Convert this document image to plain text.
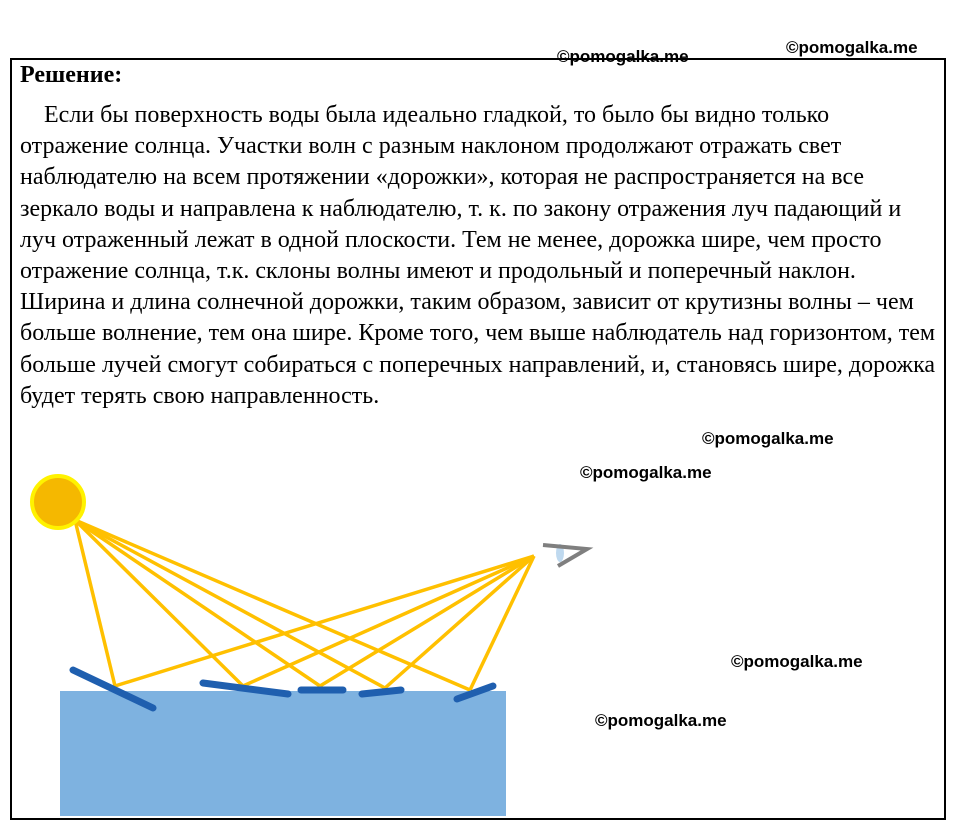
©pomogalka.me
©pomogalka.me
Решение:

Если бы поверхность воды была идеально гладкой, то было бы видно только отражение солнца. Участки волн с разным наклоном продолжают отражать свет наблюдателю на всем протяжении «дорожки», которая не распространяется на все зеркало воды и направлена к наблюдателю, т. к. по закону отражения луч падающий и луч отраженный лежат в одной плоскости. Тем не менее, дорожка шире, чем просто отражение солнца, т.к. склоны волны имеют и продольный и поперечный наклон. Ширина и длина солнечной дорожки, таким образом, зависит от крутизны волны – чем больше волнение, тем она шире. Кроме того, чем выше наблюдатель над горизонтом, тем больше лучей смогут собираться с поперечных направлений, и, становясь шире, дорожка будет терять свою направленность.

©pomogalka.me
©pomogalka.me
©pomogalka.me
©pomogalka.me
